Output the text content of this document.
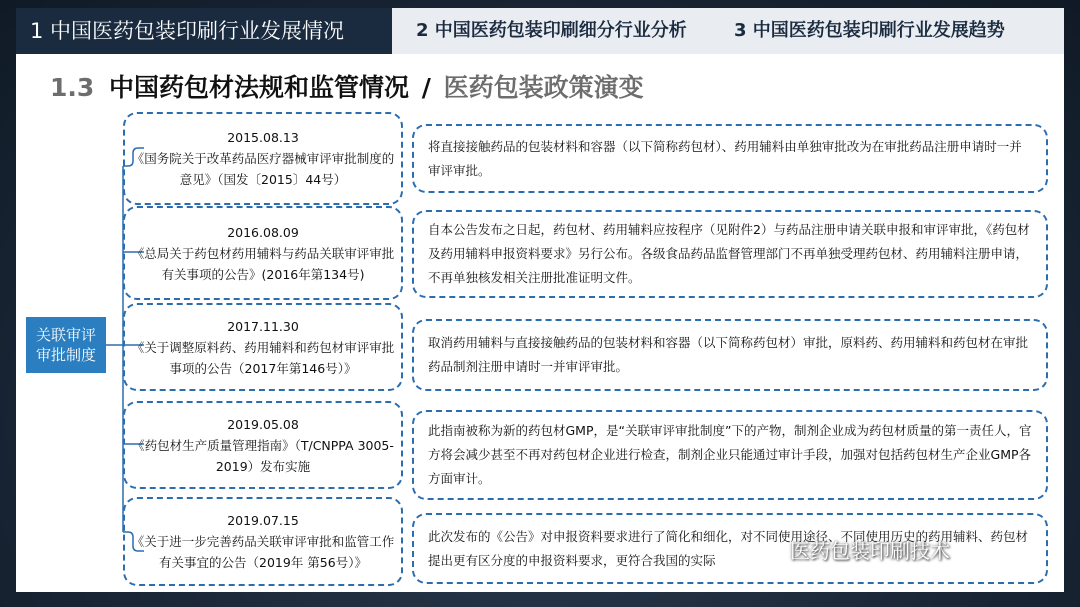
1 中国医药包装印刷行业发展情况	2 中国医药包装印刷细分行业分析	3 中国医药包装印刷行业发展趋势
1.3 中国药包材法规和监管情况 / 医药包装政策演变
关联审评
审批制度
2015.08.13
《国务院关于改革药品医疗器械审评审批制度的意见》（国发〔2015〕44号）
将直接接触药品的包装材料和容器（以下简称药包材）、药用辅料由单独审批改为在审批药品注册申请时一并审评审批。
2016.08.09
《总局关于药包材药用辅料与药品关联审评审批有关事项的公告》(2016年第134号)
自本公告发布之日起，药包材、药用辅料应按程序（见附件2）与药品注册申请关联申报和审评审批，《药包材及药用辅料申报资料要求》另行公布。各级食品药品监督管理部门不再单独受理药包材、药用辅料注册申请，不再单独核发相关注册批准证明文件。
2017.11.30
《关于调整原料药、药用辅料和药包材审评审批事项的公告（2017年第146号）》
取消药用辅料与直接接触药品的包装材料和容器（以下简称药包材）审批，原料药、药用辅料和药包材在审批药品制剂注册申请时一并审评审批。
2019.05.08
《药包材生产质量管理指南》（T/CNPPA 3005-2019）发布实施
此指南被称为新的药包材GMP，是“关联审评审批制度”下的产物，制剂企业成为药包材质量的第一责任人，官方将会减少甚至不再对药包材企业进行检查，制剂企业只能通过审计手段，加强对包括药包材生产企业GMP各方面审计。
2019.07.15
《关于进一步完善药品关联审评审批和监管工作有关事宜的公告（2019年 第56号）》
此次发布的《公告》对申报资料要求进行了简化和细化，对不同使用途径、不同使用历史的药用辅料、药包材提出更有区分度的申报资料要求，更符合我国的实际	医药包装印刷技术
